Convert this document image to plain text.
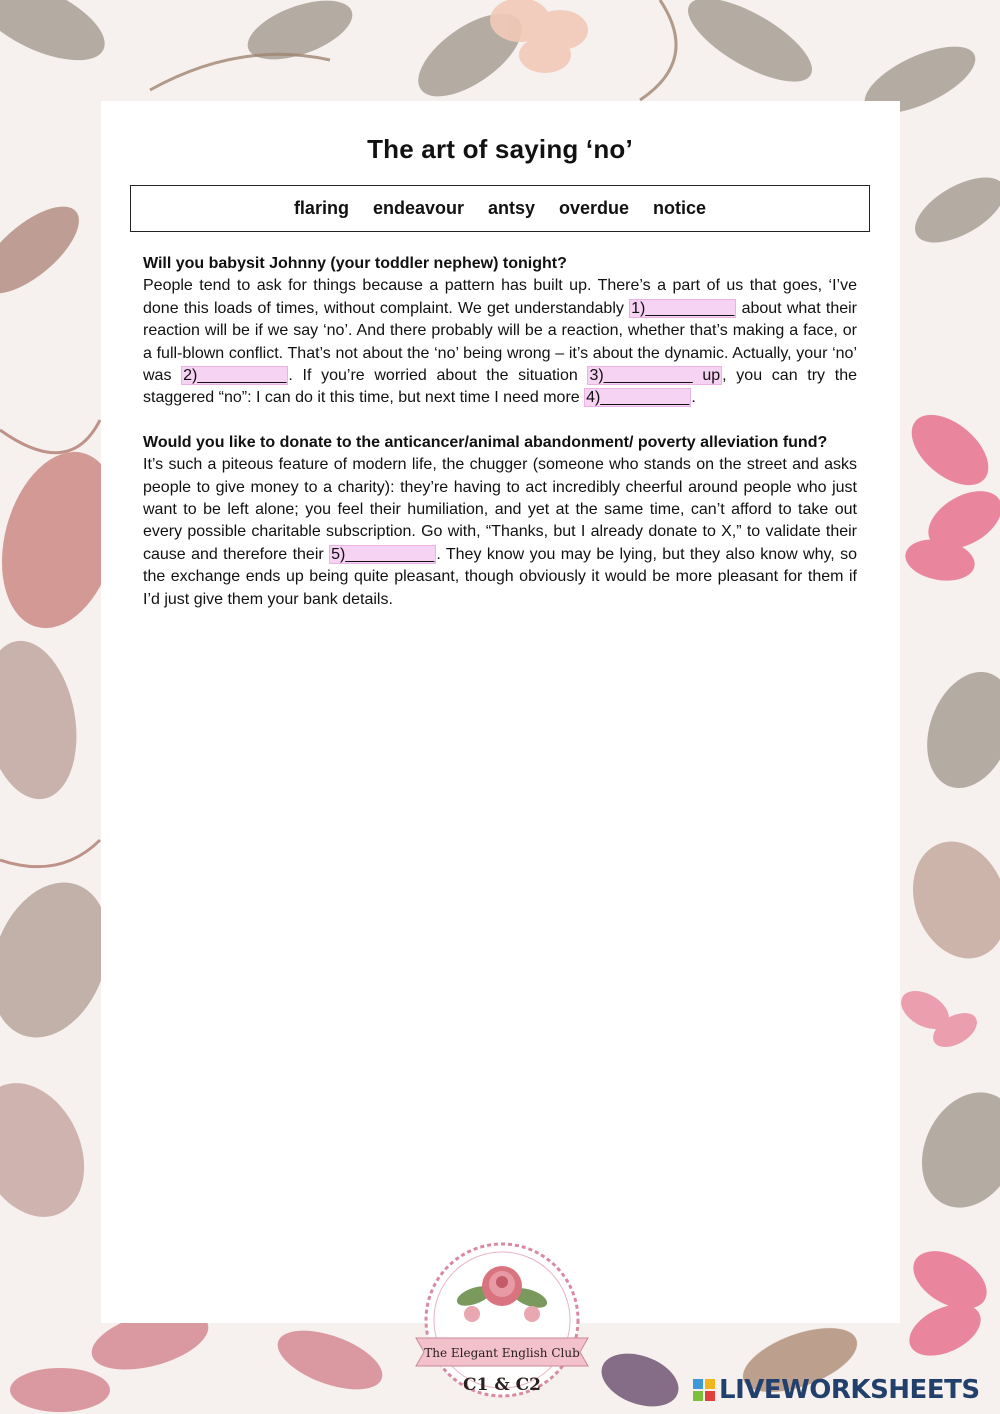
The art of saying ‘no’
flaring endeavour antsy overdue notice

Will you babysit Johnny (your toddler nephew) tonight?

People tend to ask for things because a pattern has built up. There’s a part of us that goes, ‘I’ve done this loads of times, without complaint. We get understandably 1)__________ about what their reaction will be if we say ‘no’. And there probably will be a reaction, whether that’s making a face, or a full-blown conflict. That’s not about the ‘no’ being wrong – it’s about the dynamic. Actually, your ‘no’ was 2)__________ . If you’re worried about the situation 3)__________ up , you can try the staggered “no”: I can do it this time, but next time I need more 4)__________ .

Would you like to donate to the anticancer/animal abandonment/ poverty alleviation fund?

It’s such a piteous feature of modern life, the chugger (someone who stands on the street and asks people to give money to a charity): they’re having to act incredibly cheerful around people who just want to be left alone; you feel their humiliation, and yet at the same time, can’t afford to take out every possible charitable subscription. Go with, “Thanks, but I already donate to X,” to validate their cause and therefore their 5)__________ . They know you may be lying, but they also know why, so the exchange ends up being quite pleasant, though obviously it would be more pleasant for them if I’d just give them your bank details.

The Elegant English Club
C1 & C2	LIVEWORKSHEETS
